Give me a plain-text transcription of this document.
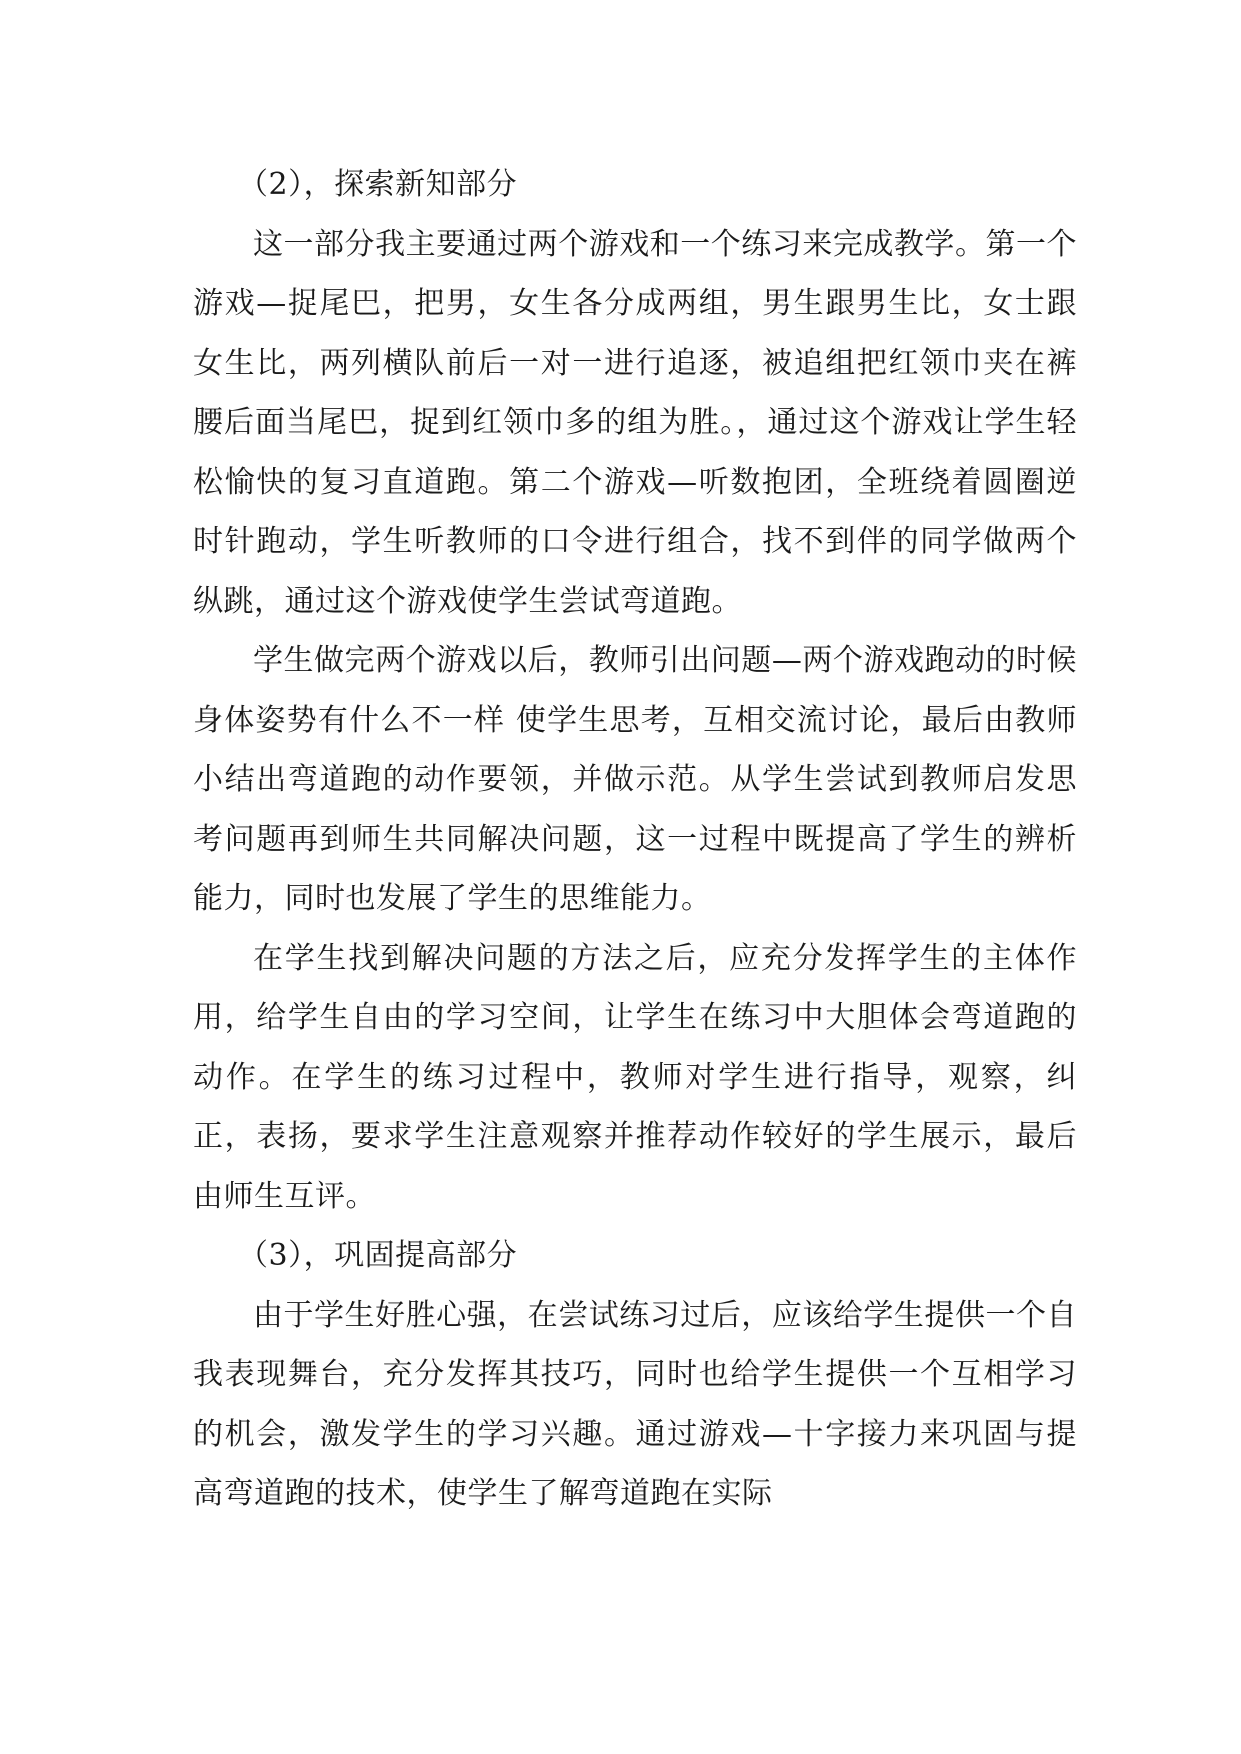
（2），探索新知部分

这一部分我主要通过两个游戏和一个练习来完成教学。第一个游戏—捉尾巴，把男，女生各分成两组，男生跟男生比，女士跟女生比，两列横队前后一对一进行追逐，被追组把红领巾夹在裤腰后面当尾巴，捉到红领巾多的组为胜。，通过这个游戏让学生轻松愉快的复习直道跑。第二个游戏—听数抱团，全班绕着圆圈逆时针跑动，学生听教师的口令进行组合，找不到伴的同学做两个纵跳，通过这个游戏使学生尝试弯道跑。

学生做完两个游戏以后，教师引出问题—两个游戏跑动的时候身体姿势有什么不一样 使学生思考，互相交流讨论，最后由教师小结出弯道跑的动作要领，并做示范。从学生尝试到教师启发思考问题再到师生共同解决问题，这一过程中既提高了学生的辨析能力，同时也发展了学生的思维能力。

在学生找到解决问题的方法之后，应充分发挥学生的主体作用，给学生自由的学习空间，让学生在练习中大胆体会弯道跑的动作。在学生的练习过程中，教师对学生进行指导，观察，纠正，表扬，要求学生注意观察并推荐动作较好的学生展示，最后由师生互评。

（3），巩固提高部分

由于学生好胜心强，在尝试练习过后，应该给学生提供一个自我表现舞台，充分发挥其技巧，同时也给学生提供一个互相学习的机会，激发学生的学习兴趣。通过游戏—十字接力来巩固与提高弯道跑的技术，使学生了解弯道跑在实际
